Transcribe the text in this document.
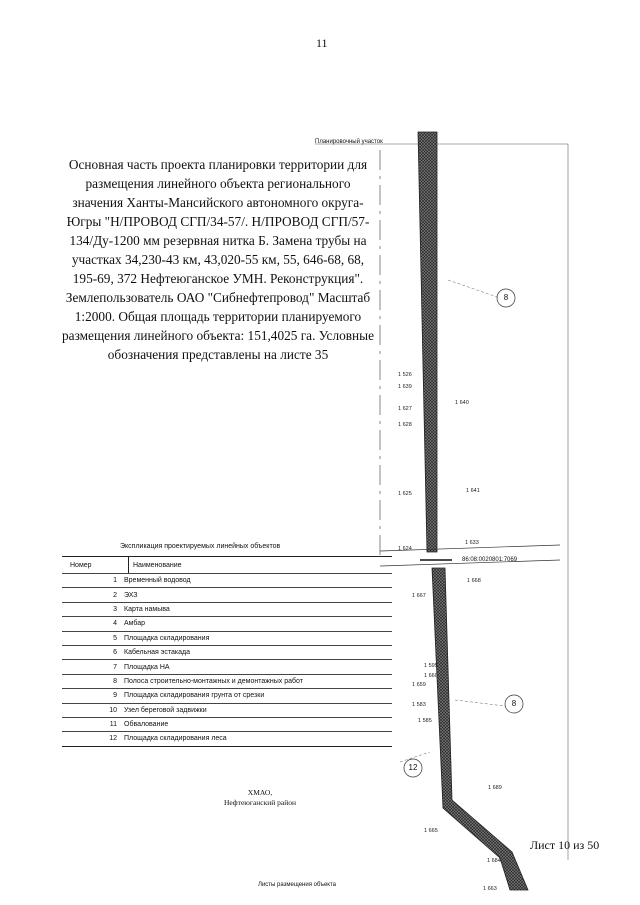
11
Планировочный участок
Основная часть проекта планировки территории для размещения линейного объекта регионального значения Ханты-Мансийского автономного округа-Югры "Н/ПРОВОД СГП/34-57/. Н/ПРОВОД СГП/57-134/Ду-1200 мм резервная нитка Б. Замена трубы на участках 34,230-43 км, 43,020-55 км, 55, 646-68, 68, 195-69, 372 Нефтеюганское УМН. Реконструкция". Землепользователь ОАО "Сибнефтепровод" Масштаб 1:2000. Общая площадь территории планируемого размещения линейного объекта: 151,4025 га. Условные обозначения представлены на листе 35
1 526
1 639
1 627
1 628
1 640
1 641
1 625
1 624
1 633
1 668
1 667
1 595
1 660
1 659
1 583
1 585
1 689
1 665
1 684
1 663
86:08:0020801:7069
8
8
12
Экспликация проектируемых линейных объектов
Номер	Наименование
1	Временный водовод
2	ЭХЗ
3	Карта намыва
4	Амбар
5	Площадка складирования
6	Кабельная эстакада
7	Площадка НА
8	Полоса строительно-монтажных и демонтажных работ
9	Площадка складирования грунта от срезки
10	Узел береговой задвижки
11	Обвалование
12	Площадка складирования леса
ХМАО,
Нефтеюганский район
Лист 10 из 50
Листы размещения объекта
